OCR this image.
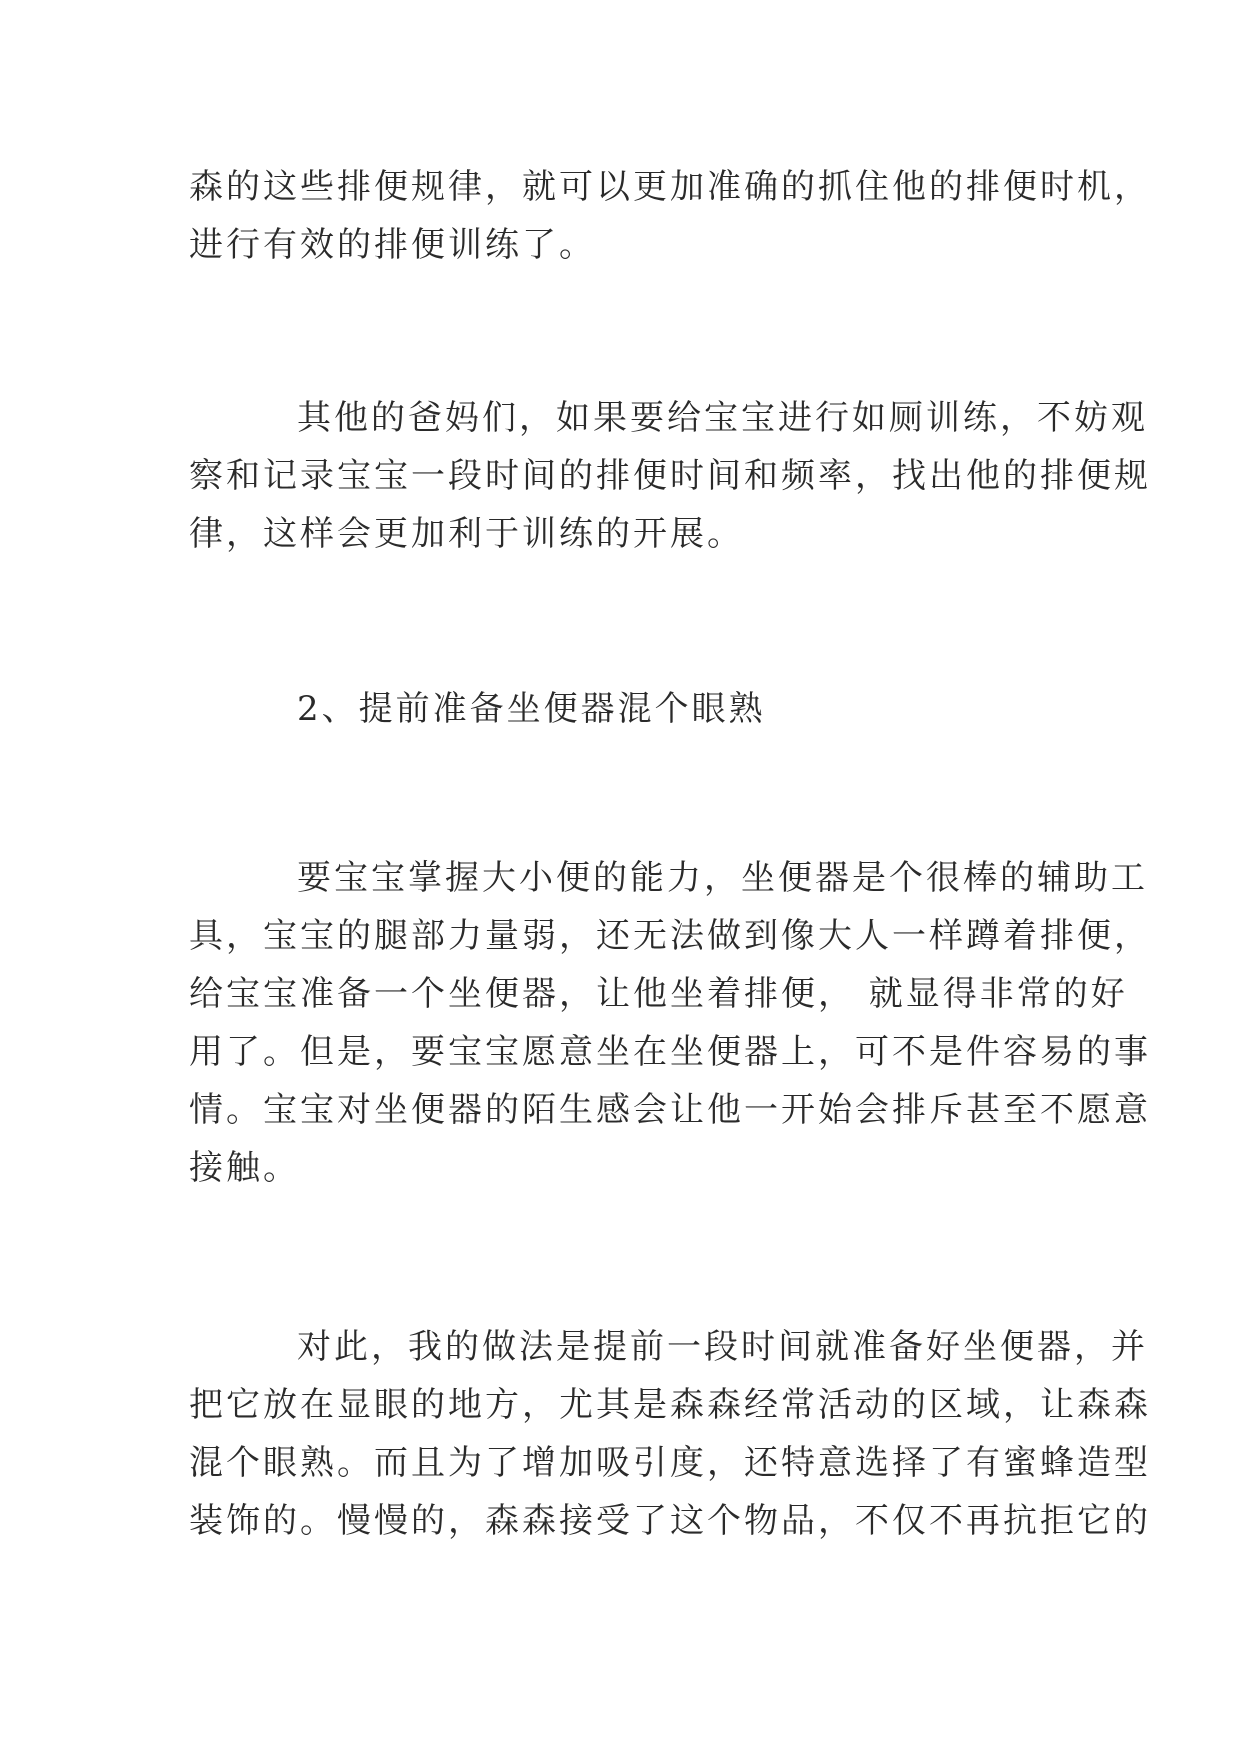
森的这些排便规律，就可以更加准确的抓住他的排便时机，
进行有效的排便训练了。
其他的爸妈们，如果要给宝宝进行如厕训练，不妨观
察和记录宝宝一段时间的排便时间和频率，找出他的排便规
律，这样会更加利于训练的开展。
2、提前准备坐便器混个眼熟
要宝宝掌握大小便的能力，坐便器是个很棒的辅助工
具，宝宝的腿部力量弱，还无法做到像大人一样蹲着排便，
给宝宝准备一个坐便器，让他坐着排便， 就显得非常的好
用了。但是，要宝宝愿意坐在坐便器上，可不是件容易的事
情。宝宝对坐便器的陌生感会让他一开始会排斥甚至不愿意
接触。
对此，我的做法是提前一段时间就准备好坐便器，并
把它放在显眼的地方，尤其是森森经常活动的区域，让森森
混个眼熟。而且为了增加吸引度，还特意选择了有蜜蜂造型
装饰的。慢慢的，森森接受了这个物品，不仅不再抗拒它的
